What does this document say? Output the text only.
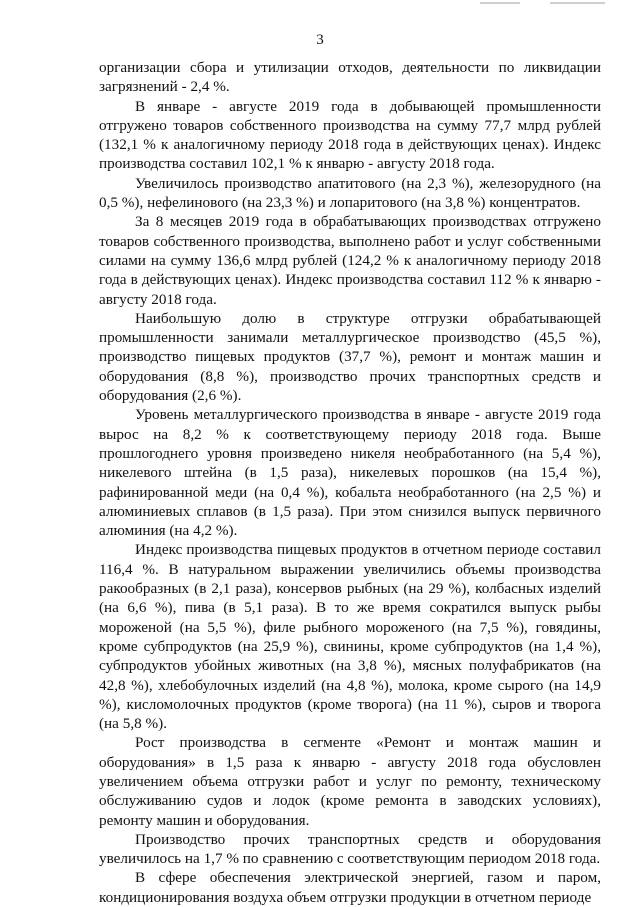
3

организации сбора и утилизации отходов, деятельности по ликвидации загрязнений - 2,4 %.

В январе - августе 2019 года в добывающей промышленности отгружено товаров собственного производства на сумму 77,7 млрд рублей (132,1 % к аналогичному периоду 2018 года в действующих ценах). Индекс производства составил 102,1 % к январю - августу 2018 года.

Увеличилось производство апатитового (на 2,3 %), железорудного (на 0,5 %), нефелинового (на 23,3 %) и лопаритового (на 3,8 %) концентратов.

За 8 месяцев 2019 года в обрабатывающих производствах отгружено товаров собственного производства, выполнено работ и услуг собственными силами на сумму 136,6 млрд рублей (124,2 % к аналогичному периоду 2018 года в действующих ценах). Индекс производства составил 112 % к январю - августу 2018 года.

Наибольшую долю в структуре отгрузки обрабатывающей промышленности занимали металлургическое производство (45,5 %), производство пищевых продуктов (37,7 %), ремонт и монтаж машин и оборудования (8,8 %), производство прочих транспортных средств и оборудования (2,6 %).

Уровень металлургического производства в январе - августе 2019 года вырос на 8,2 % к соответствующему периоду 2018 года. Выше прошлогоднего уровня произведено никеля необработанного (на 5,4 %), никелевого штейна (в 1,5 раза), никелевых порошков (на 15,4 %), рафинированной меди (на 0,4 %), кобальта необработанного (на 2,5 %) и алюминиевых сплавов (в 1,5 раза). При этом снизился выпуск первичного алюминия (на 4,2 %).

Индекс производства пищевых продуктов в отчетном периоде составил 116,4 %. В натуральном выражении увеличились объемы производства ракообразных (в 2,1 раза), консервов рыбных (на 29 %), колбасных изделий (на 6,6 %), пива (в 5,1 раза). В то же время сократился выпуск рыбы мороженой (на 5,5 %), филе рыбного мороженого (на 7,5 %), говядины, кроме субпродуктов (на 25,9 %), свинины, кроме субпродуктов (на 1,4 %), субпродуктов убойных животных (на 3,8 %), мясных полуфабрикатов (на 42,8 %), хлебобулочных изделий (на 4,8 %), молока, кроме сырого (на 14,9 %), кисломолочных продуктов (кроме творога) (на 11 %), сыров и творога (на 5,8 %).

Рост производства в сегменте «Ремонт и монтаж машин и оборудования» в 1,5 раза к январю - августу 2018 года обусловлен увеличением объема отгрузки работ и услуг по ремонту, техническому обслуживанию судов и лодок (кроме ремонта в заводских условиях), ремонту машин и оборудования.

Производство прочих транспортных средств и оборудования увеличилось на 1,7 % по сравнению с соответствующим периодом 2018 года.

В сфере обеспечения электрической энергией, газом и паром, кондиционирования воздуха объем отгрузки продукции в отчетном периоде
